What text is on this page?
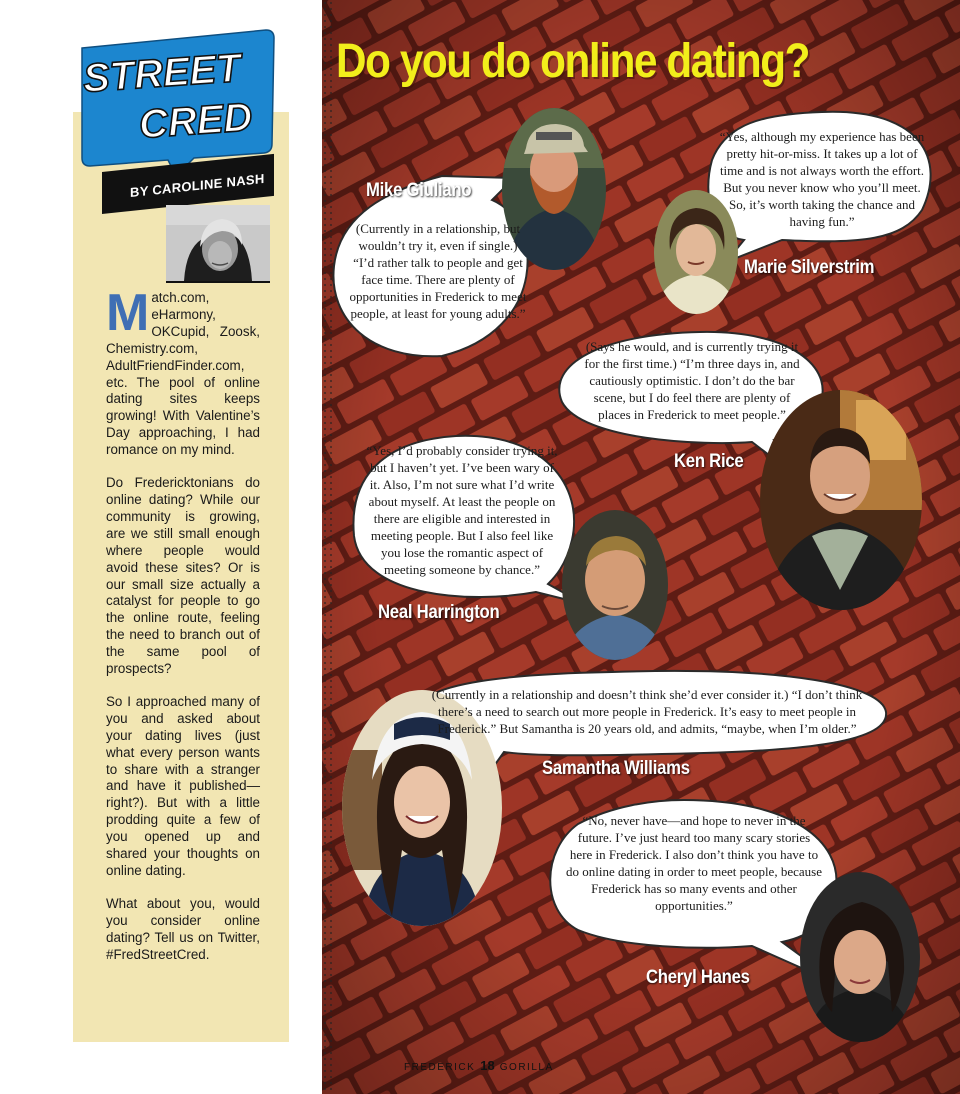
STREET
CRED
BY CAROLINE NASH

Match.com, eHarmony, OKCupid, Zoosk, Chemistry.com, AdultFriendFinder.com, etc. The pool of online dating sites keeps growing! With Valentine’s Day approaching, I had romance on my mind.

Do Fredericktonians do online dating? While our community is growing, are we still small enough where people would avoid these sites? Or is our small size actually a catalyst for people to go the online route, feeling the need to branch out of the same pool of prospects?

So I approached many of you and asked about your dating lives (just what every person wants to share with a stranger and have it published—right?). But with a little prodding quite a few of you opened up and shared your thoughts on online dating.

What about you, would you consider online dating? Tell us on Twitter, #FredStreetCred.

Do you do online dating?
Mike Giuliano
Marie Silverstrim
Ken Rice
Neal Harrington
Samantha Williams
Cheryl Hanes
(Currently in a relationship, but wouldn’t try it, even if single.) “I’d rather talk to people and get face time. There are plenty of opportunities in Frederick to meet people, at least for young adults.”
“Yes, although my experience has been pretty hit-or-miss. It takes up a lot of time and is not always worth the effort. But you never know who you’ll meet. So, it’s worth taking the chance and having fun.”
(Says he would, and is currently trying it for the first time.) “I’m three days in, and cautiously optimistic. I don’t do the bar scene, but I do feel there are plenty of places in Frederick to meet people.”
“Yes, I’d probably consider trying it, but I haven’t yet. I’ve been wary of it. Also, I’m not sure what I’d write about myself. At least the people on there are eligible and interested in meeting people. But I also feel like you lose the romantic aspect of meeting someone by chance.”
(Currently in a relationship and doesn’t think she’d ever consider it.) “I don’t think there’s a need to search out more people in Frederick. It’s easy to meet people in Frederick.” But Samantha is 20 years old, and admits, “maybe, when I’m older.”
“No, never have—and hope to never in the future. I’ve just heard too many scary stories here in Frederick. I also don’t think you have to do online dating in order to meet people, because Frederick has so many events and other opportunities.”
FREDERICK 18 GORILLA
